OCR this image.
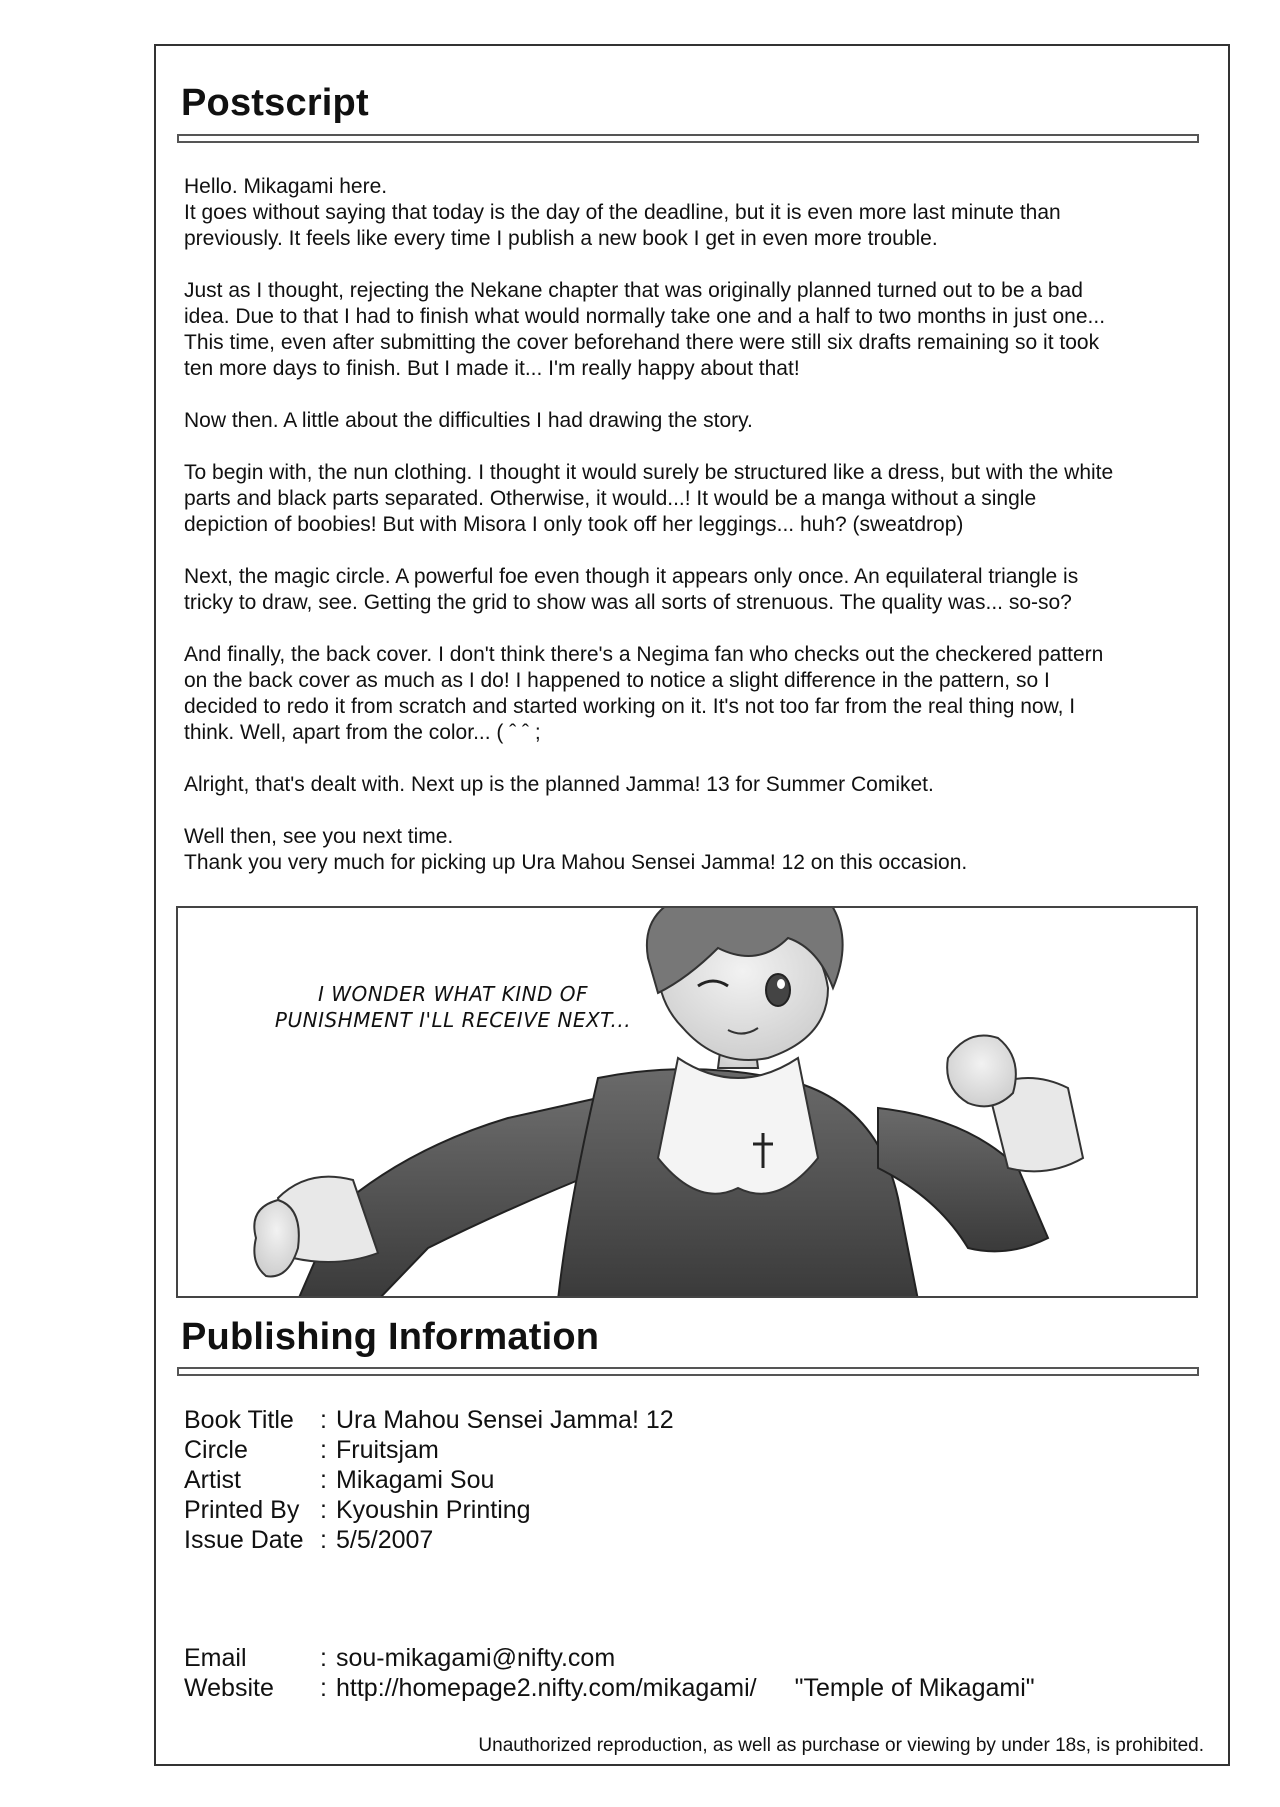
Postscript

Hello. Mikagami here.
It goes without saying that today is the day of the deadline, but it is even more last minute than
previously. It feels like every time I publish a new book I get in even more trouble.

Just as I thought, rejecting the Nekane chapter that was originally planned turned out to be a bad
idea. Due to that I had to finish what would normally take one and a half to two months in just one...
This time, even after submitting the cover beforehand there were still six drafts remaining so it took
ten more days to finish. But I made it... I'm really happy about that!

Now then. A little about the difficulties I had drawing the story.

To begin with, the nun clothing. I thought it would surely be structured like a dress, but with the white
parts and black parts separated. Otherwise, it would...! It would be a manga without a single
depiction of boobies! But with Misora I only took off her leggings... huh? (sweatdrop)

Next, the magic circle. A powerful foe even though it appears only once. An equilateral triangle is
tricky to draw, see. Getting the grid to show was all sorts of strenuous. The quality was... so-so?

And finally, the back cover. I don't think there's a Negima fan who checks out the checkered pattern
on the back cover as much as I do! I happened to notice a slight difference in the pattern, so I
decided to redo it from scratch and started working on it. It's not too far from the real thing now, I
think. Well, apart from the color... ( ˆ ˆ ;

Alright, that's dealt with. Next up is the planned Jamma! 13 for Summer Comiket.

Well then, see you next time.
Thank you very much for picking up Ura Mahou Sensei Jamma! 12 on this occasion.

I WONDER WHAT KIND OF
PUNISHMENT I'LL RECEIVE NEXT...
Publishing Information
Book Title	: Ura Mahou Sensei Jamma! 12
Circle	: Fruitsjam
Artist	: Mikagami Sou
Printed By : Kyoushin Printing
Issue Date : 5/5/2007
Email	: sou-mikagami@nifty.com
Website	: http://homepage2.nifty.com/mikagami/ "Temple of Mikagami"
Unauthorized reproduction, as well as purchase or viewing by under 18s, is prohibited.
